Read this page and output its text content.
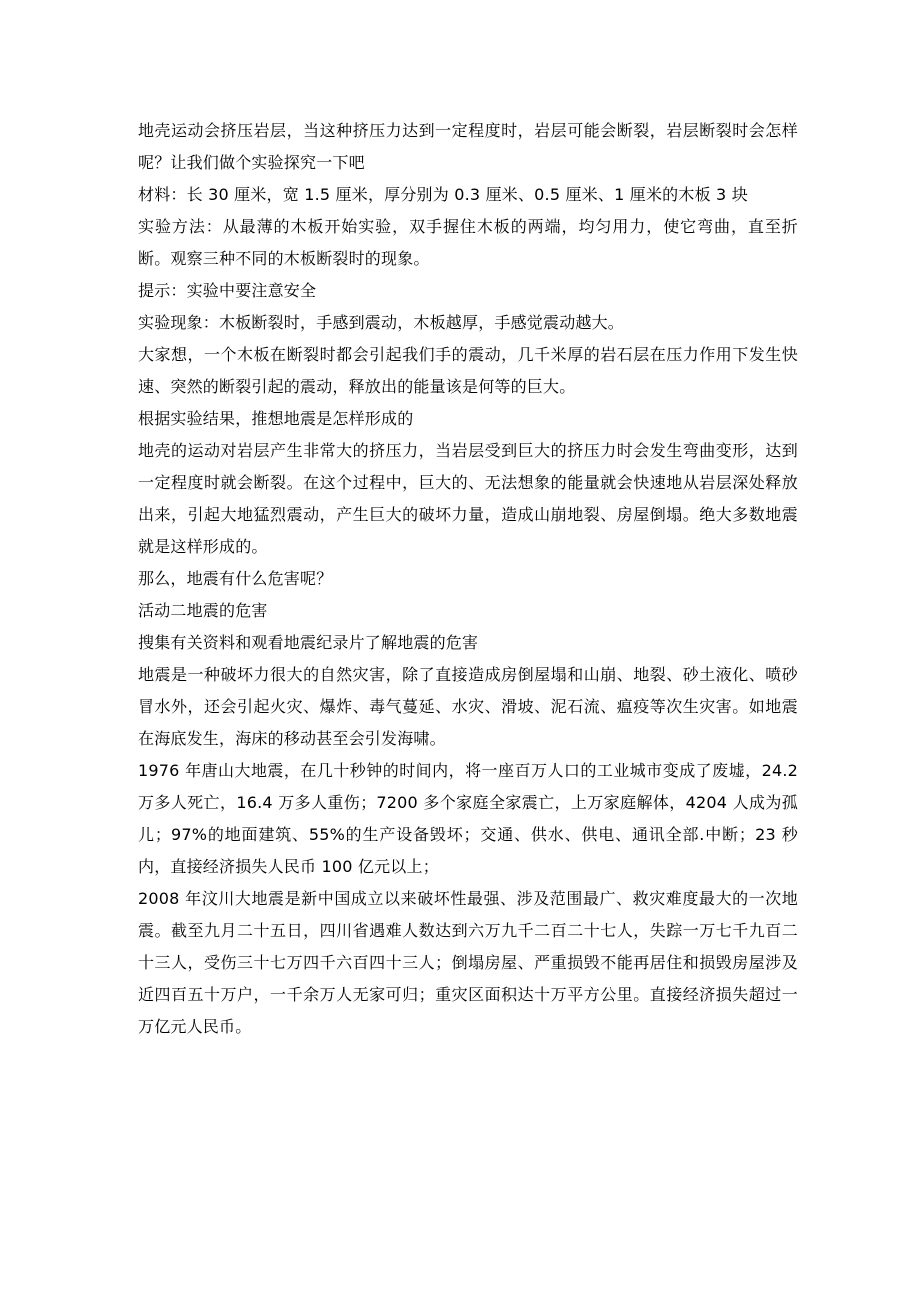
地壳运动会挤压岩层，当这种挤压力达到一定程度时，岩层可能会断裂，岩层断裂时会怎样呢？让我们做个实验探究一下吧

材料：长 30 厘米，宽 1.5 厘米，厚分别为 0.3 厘米、0.5 厘米、1 厘米的木板 3 块

实验方法：从最薄的木板开始实验，双手握住木板的两端，均匀用力，使它弯曲，直至折断。观察三种不同的木板断裂时的现象。

提示：实验中要注意安全

实验现象：木板断裂时，手感到震动，木板越厚，手感觉震动越大。

大家想，一个木板在断裂时都会引起我们手的震动，几千米厚的岩石层在压力作用下发生快速、突然的断裂引起的震动，释放出的能量该是何等的巨大。

根据实验结果，推想地震是怎样形成的

地壳的运动对岩层产生非常大的挤压力，当岩层受到巨大的挤压力时会发生弯曲变形，达到一定程度时就会断裂。在这个过程中，巨大的、无法想象的能量就会快速地从岩层深处释放出来，引起大地猛烈震动，产生巨大的破坏力量，造成山崩地裂、房屋倒塌。绝大多数地震就是这样形成的。

那么，地震有什么危害呢？

活动二地震的危害

搜集有关资料和观看地震纪录片了解地震的危害

地震是一种破坏力很大的自然灾害，除了直接造成房倒屋塌和山崩、地裂、砂土液化、喷砂冒水外，还会引起火灾、爆炸、毒气蔓延、水灾、滑坡、泥石流、瘟疫等次生灾害。如地震在海底发生，海床的移动甚至会引发海啸。

1976 年唐山大地震，在几十秒钟的时间内，将一座百万人口的工业城市变成了废墟，24.2 万多人死亡，16.4 万多人重伤；7200 多个家庭全家震亡，上万家庭解体，4204 人成为孤儿；97%的地面建筑、55%的生产设备毁坏；交通、供水、供电、通讯全部.中断；23 秒内，直接经济损失人民币 100 亿元以上；

2008 年汶川大地震是新中国成立以来破坏性最强、涉及范围最广、救灾难度最大的一次地震。截至九月二十五日，四川省遇难人数达到六万九千二百二十七人，失踪一万七千九百二十三人，受伤三十七万四千六百四十三人；倒塌房屋、严重损毁不能再居住和损毁房屋涉及近四百五十万户，一千余万人无家可归；重灾区面积达十万平方公里。直接经济损失超过一万亿元人民币。
